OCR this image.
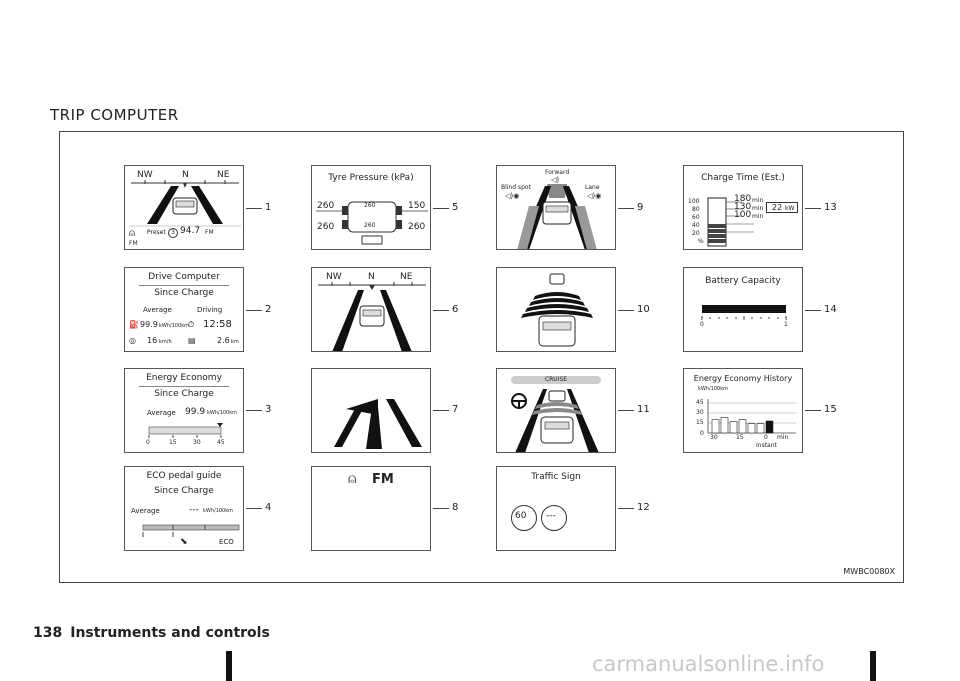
TRIP COMPUTER
MWBC0080X
NW	N	NE
⍝ Preset 3 94.7 FM
FM
Drive Computer
Since Charge
Average	Driving
⛽ 99.9 kWh/100km
⏱ 12:58
◎ 16 km/h ▤	2.6 km
Energy Economy
Since Charge
Average 99.9 kWh/100km
0	15	30	45
ECO pedal guide
Since Charge
Average	--- kWh/100km
⬊	ECO
Tyre Pressure (kPa)
260	150
260	260
260
260
NW	N	NE
⍝ FM
Forward
◁)
Blind spot
◁)◉
Lane
◁)◉
CRUISE
Traffic Sign
60 ---
Charge Time (Est.)
100
80
60
40
20
%
180 min
130 min
100 min
22 kW
Battery Capacity
0	1
Energy Economy History
kWh/100km
45
30
15
0
30	15	0 min
Instant
1
2
3
4
5
6
7
8
9
10
11
12
13
14
15
138 Instruments and controls
carmanualsonline.info
